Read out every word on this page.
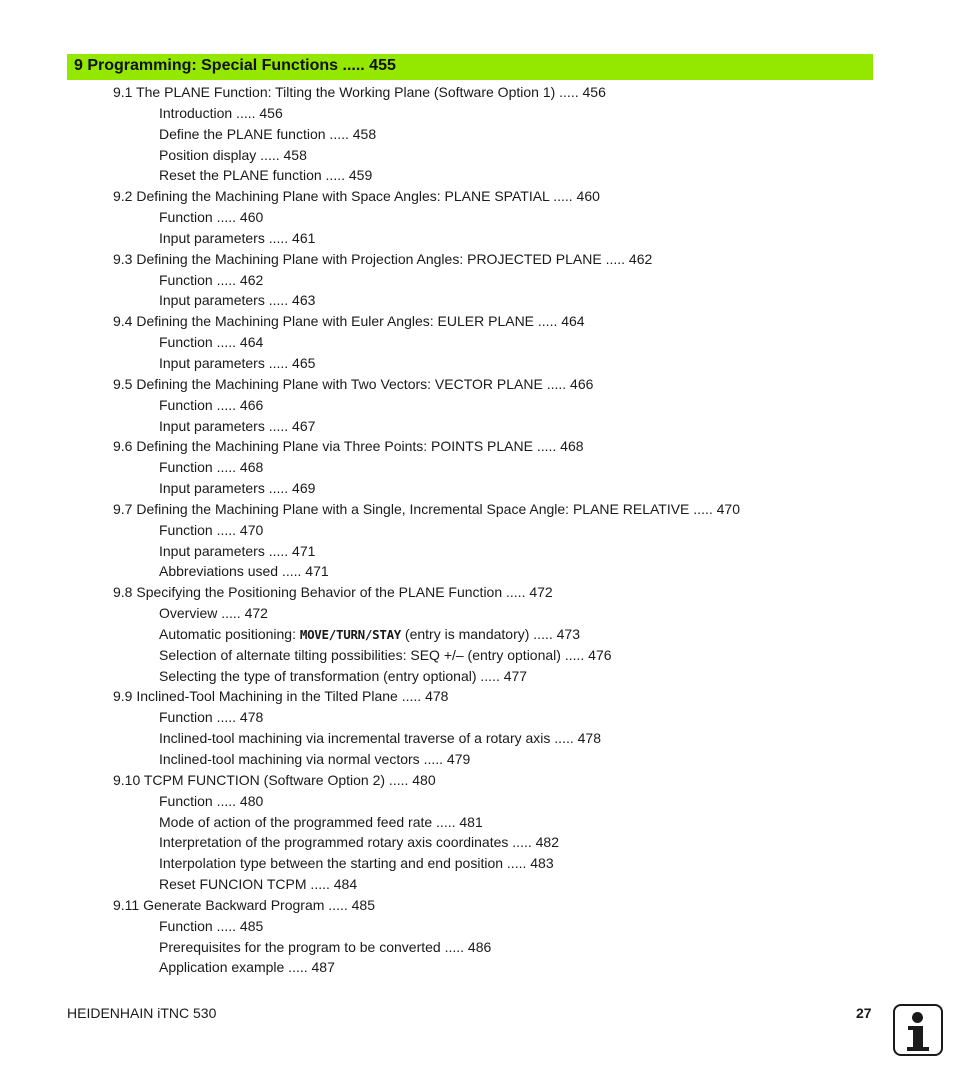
9 Programming: Special Functions ..... 455
9.1 The PLANE Function: Tilting the Working Plane (Software Option 1) ..... 456
Introduction ..... 456
Define the PLANE function ..... 458
Position display ..... 458
Reset the PLANE function ..... 459
9.2 Defining the Machining Plane with Space Angles: PLANE SPATIAL ..... 460
Function ..... 460
Input parameters ..... 461
9.3 Defining the Machining Plane with Projection Angles: PROJECTED PLANE ..... 462
Function ..... 462
Input parameters ..... 463
9.4 Defining the Machining Plane with Euler Angles: EULER PLANE ..... 464
Function ..... 464
Input parameters ..... 465
9.5 Defining the Machining Plane with Two Vectors: VECTOR PLANE ..... 466
Function ..... 466
Input parameters ..... 467
9.6 Defining the Machining Plane via Three Points: POINTS PLANE ..... 468
Function ..... 468
Input parameters ..... 469
9.7 Defining the Machining Plane with a Single, Incremental Space Angle: PLANE RELATIVE ..... 470
Function ..... 470
Input parameters ..... 471
Abbreviations used ..... 471
9.8 Specifying the Positioning Behavior of the PLANE Function ..... 472
Overview ..... 472
Automatic positioning: MOVE/TURN/STAY (entry is mandatory) ..... 473
Selection of alternate tilting possibilities: SEQ +/– (entry optional) ..... 476
Selecting the type of transformation (entry optional) ..... 477
9.9 Inclined-Tool Machining in the Tilted Plane ..... 478
Function ..... 478
Inclined-tool machining via incremental traverse of a rotary axis ..... 478
Inclined-tool machining via normal vectors ..... 479
9.10 TCPM FUNCTION (Software Option 2) ..... 480
Function ..... 480
Mode of action of the programmed feed rate ..... 481
Interpretation of the programmed rotary axis coordinates ..... 482
Interpolation type between the starting and end position ..... 483
Reset FUNCION TCPM ..... 484
9.11 Generate Backward Program ..... 485
Function ..... 485
Prerequisites for the program to be converted ..... 486
Application example ..... 487
HEIDENHAIN iTNC 530	27
